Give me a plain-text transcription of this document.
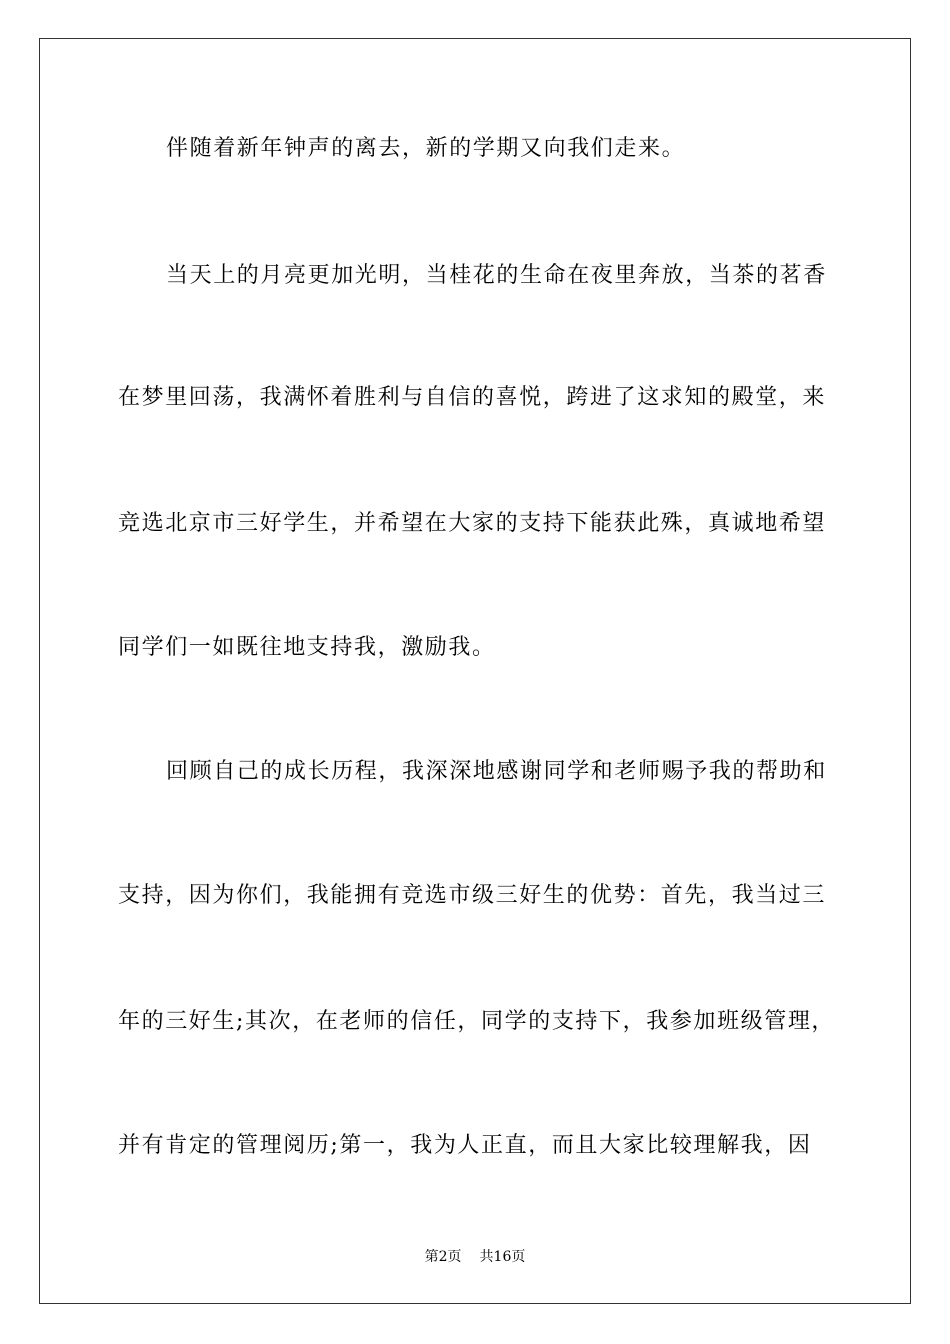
伴随着新年钟声的离去，新的学期又向我们走来。
当天上的月亮更加光明，当桂花的生命在夜里奔放，当茶的茗香
在梦里回荡，我满怀着胜利与自信的喜悦，跨进了这求知的殿堂，来
竞选北京市三好学生，并希望在大家的支持下能获此殊，真诚地希望
同学们一如既往地支持我，激励我。
回顾自己的成长历程，我深深地感谢同学和老师赐予我的帮助和
支持，因为你们，我能拥有竞选市级三好生的优势：首先，我当过三
年的三好生;其次，在老师的信任，同学的支持下，我参加班级管理，
并有肯定的管理阅历;第一，我为人正直，而且大家比较理解我，因
第2页 共16页
